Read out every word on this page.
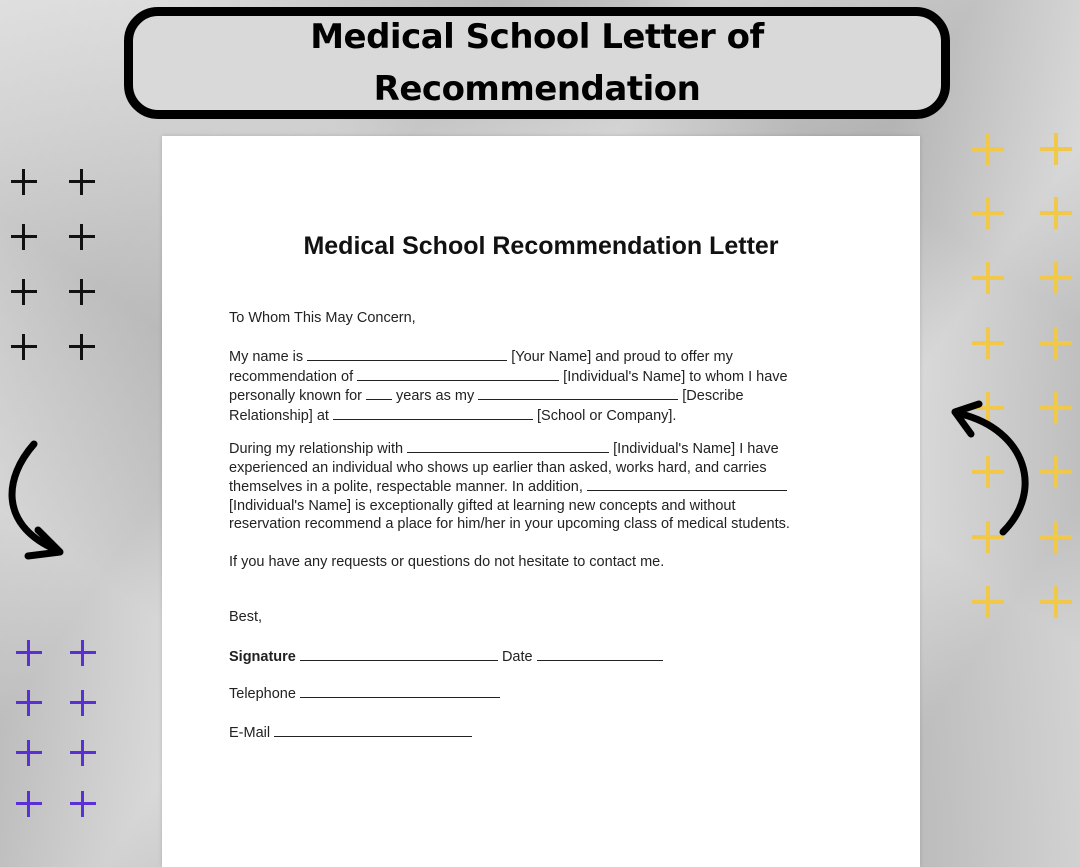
Medical School Letter of
Recommendation
Medical School Recommendation Letter
To Whom This May Concern,
My name is	[Your Name] and proud to offer my
recommendation of	[Individual's Name] to whom I have
personally known for  years as my	[Describe
Relationship] at	[School or Company].
During my relationship with	[Individual's Name] I have
experienced an individual who shows up earlier than asked, works hard, and carries
themselves in a polite, respectable manner. In addition,
[Individual's Name] is exceptionally gifted at learning new concepts and without
reservation recommend a place for him/her in your upcoming class of medical students.
If you have any requests or questions do not hesitate to contact me.
Best,
Signature	Date
Telephone
E-Mail
